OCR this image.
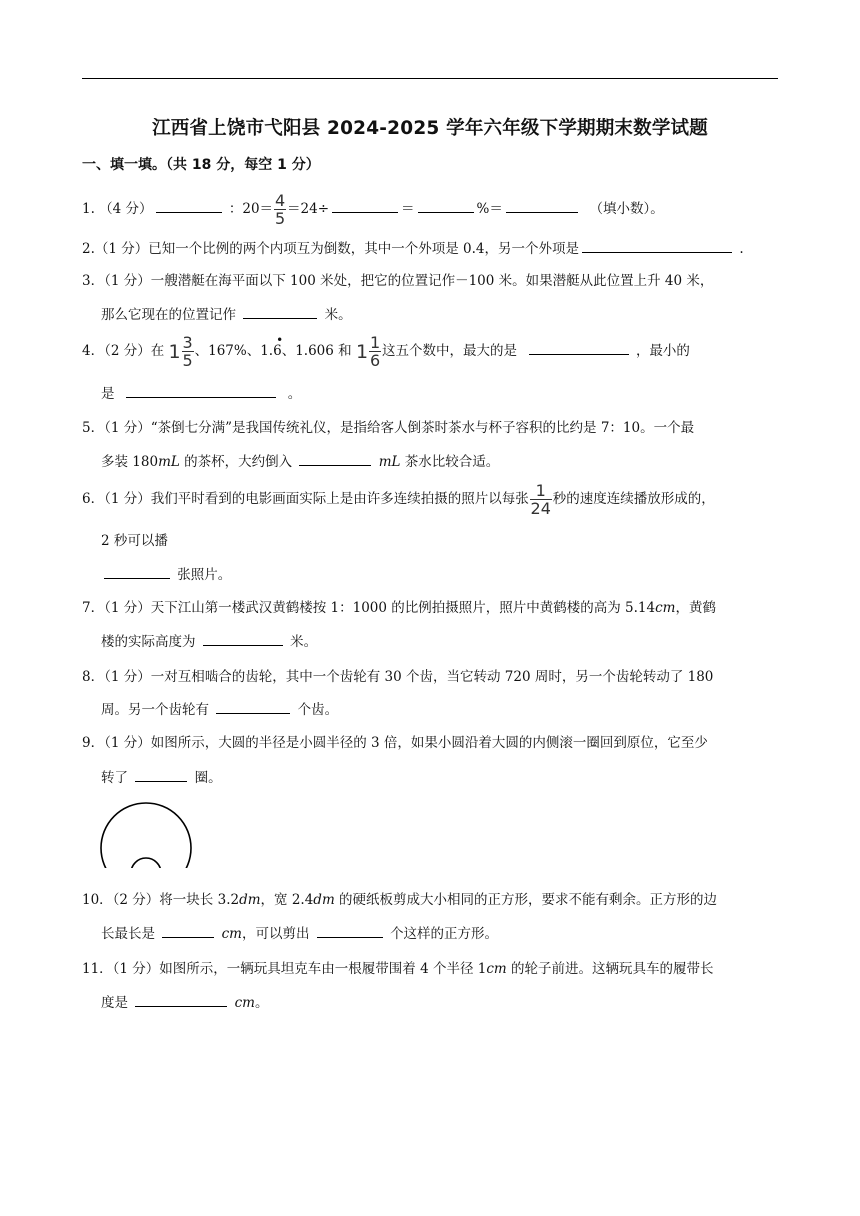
江西省上饶市弋阳县 2024-2025 学年六年级下学期期末数学试题
一、填一填。（共 18 分，每空 1 分）
1. （4 分）	：$20= \frac{4}{5} =24\div$	＝	%＝	（填小数）。
2.（1 分）已知一个比例的两个内项互为倒数，其中一个外项是 0.4，另一个外项是	.
3．（1 分）一艘潜艇在海平面以下 100 米处，把它的位置记作－100 米。如果潜艇从此位置上升 40 米，
那么它现在的位置记作	米。
4．（2 分）在 $1 \frac{3}{5}$ 、167%、1.
•
6、1.606 和 $1 \frac{1}{6}$ 这五个数中，最大的是	，最小的
是	。
5．（1 分）“茶倒七分满”是我国传统礼仪，是指给客人倒茶时茶水与杯子容积的比约是 7：10。一个最
多装 180mL 的茶杯，大约倒入	mL 茶水比较合适。
6．（1 分）我们平时看到的电影画面实际上是由许多连续拍摄的照片以每张 $\frac{1}{24}$ 秒的速度连续播放形成的，
2 秒可以播
张照片。
7．（1 分）天下江山第一楼武汉黄鹤楼按 1：1000 的比例拍摄照片，照片中黄鹤楼的高为 5.14cm，黄鹤
楼的实际高度为	米。
8．（1 分）一对互相啮合的齿轮，其中一个齿轮有 30 个齿，当它转动 720 周时，另一个齿轮转动了 180
周。另一个齿轮有	个齿。
9．（1 分）如图所示，大圆的半径是小圆半径的 3 倍，如果小圆沿着大圆的内侧滚一圈回到原位，它至少
转了	圈。
10．（2 分）将一块长 3.2dm，宽 2.4dm 的硬纸板剪成大小相同的正方形，要求不能有剩余。正方形的边
长最长是	cm，可以剪出	个这样的正方形。
11．（1 分）如图所示，一辆玩具坦克车由一根履带围着 4 个半径 1cm 的轮子前进。这辆玩具车的履带长
度是	cm。
